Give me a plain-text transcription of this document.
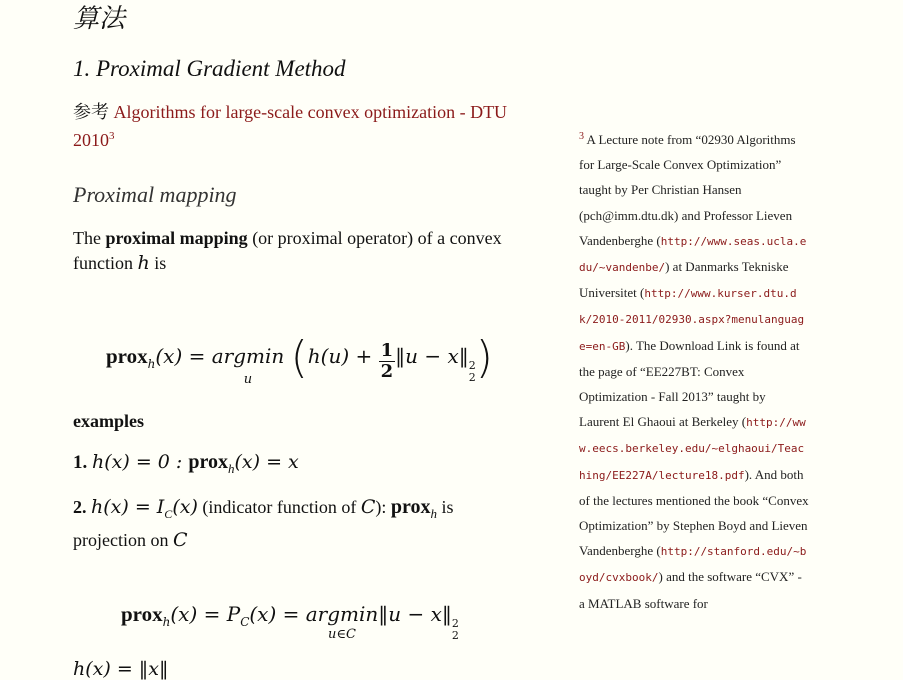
算法
1. Proximal Gradient Method
参考 Algorithms for large-scale convex optimization - DTU 2010$^3$
Proximal mapping

The proximal mapping (or proximal operator) of a convex function h is

prox$_h$(x) = argmin
u ($h(u) + \frac{1}{2}$ ‖u − x‖ 2
2 )

examples

1. h(x) = 0 : prox$_h$(x) = x

2. $h(x) = I_C(x)$ (indicator function of C): prox$_h$ is projection on C

prox$_h$(x) = $P_C(x) = argmin$
u∈C
‖u − x‖ 2
2
h(x) = ‖x‖
$^3$ A Lecture note from “02930 Algorithms for Large-Scale Convex Optimization” taught by Per Christian Hansen (pch@imm.dtu.dk) and Professor Lieven Vandenberghe (http://www.seas.ucla.edu/~vandenbe/) at Danmarks Tekniske Universitet (http://www.kurser.dtu.dk/2010-2011/02930.aspx?menulanguage=en-GB). The Download Link is found at the page of “EE227BT: Convex Optimization - Fall 2013” taught by Laurent El Ghaoui at Berkeley (http://www.eecs.berkeley.edu/~elghaoui/Teaching/EE227A/lecture18.pdf). And both of the lectures mentioned the book “Convex Optimization” by Stephen Boyd and Lieven Vandenberghe (http://stanford.edu/~boyd/cvxbook/) and the software “CVX” - a MATLAB software for
